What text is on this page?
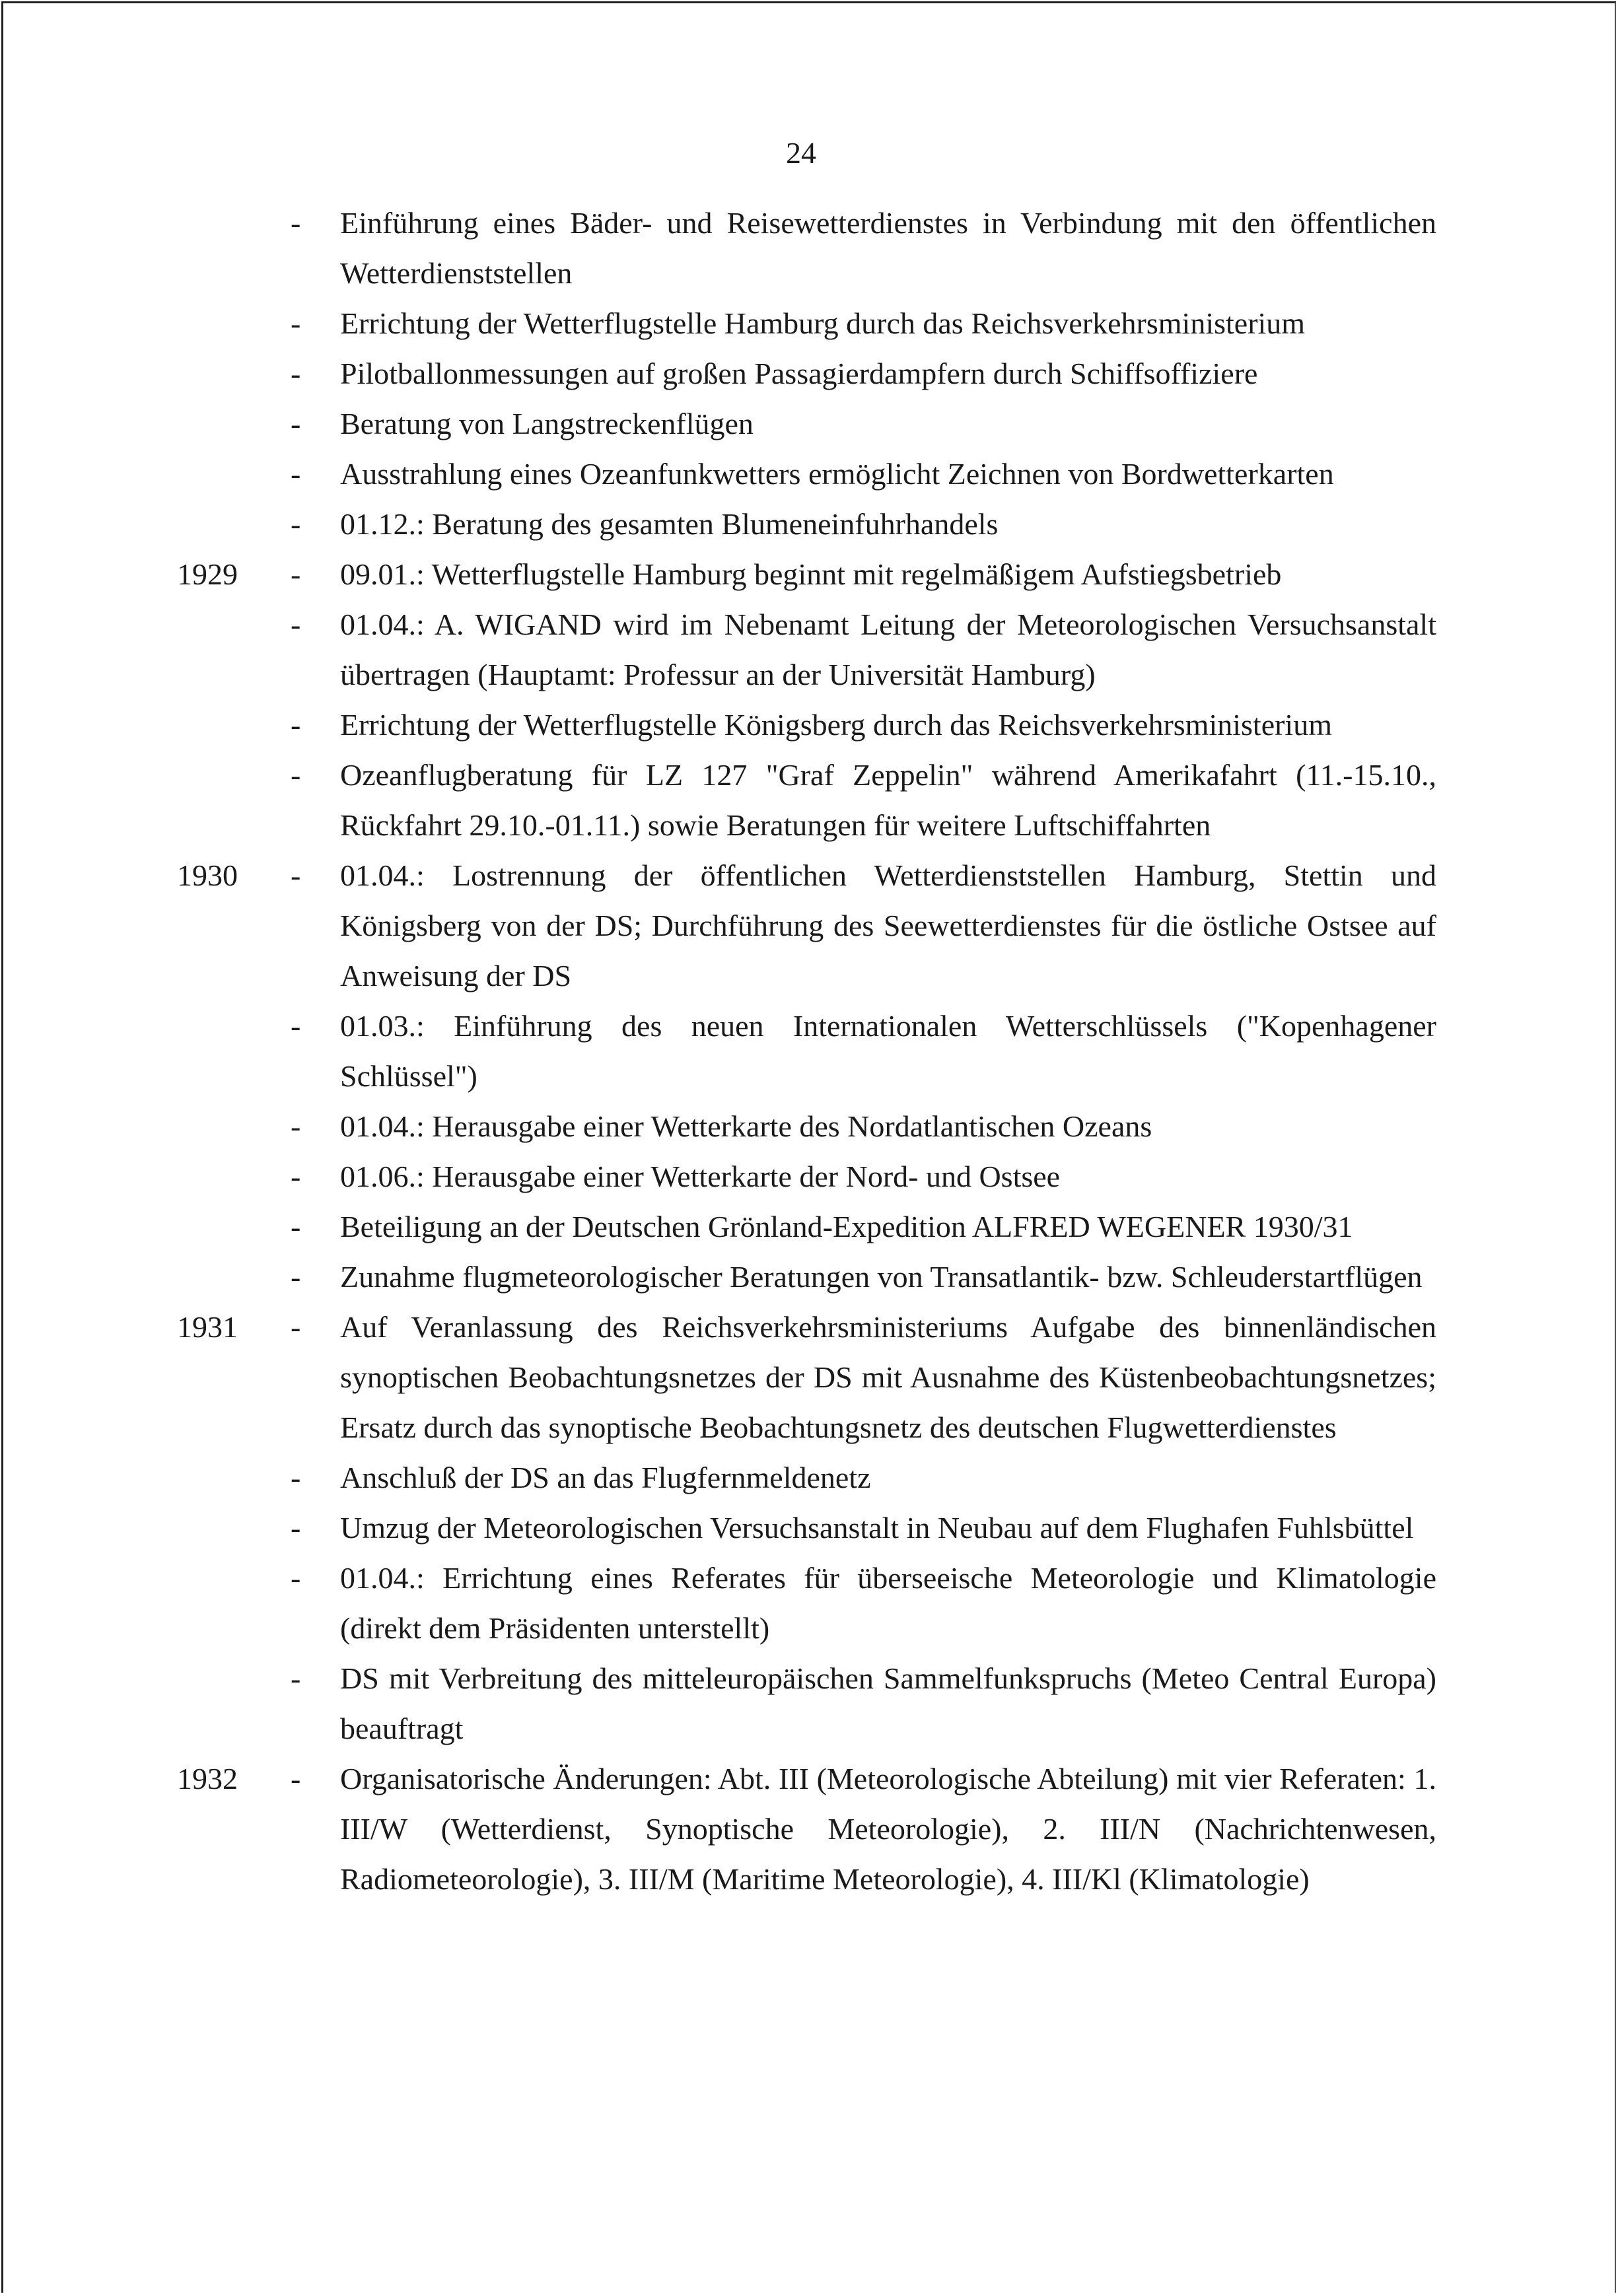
24
- Einführung eines Bäder- und Reisewetterdienstes in Verbindung mit den öffentlichen Wetterdienststellen
- Errichtung der Wetterflugstelle Hamburg durch das Reichsverkehrsministerium
- Pilotballonmessungen auf großen Passagierdampfern durch Schiffsoffiziere
- Beratung von Langstreckenflügen
- Ausstrahlung eines Ozeanfunkwetters ermöglicht Zeichnen von Bordwetterkarten
- 01.12.: Beratung des gesamten Blumeneinfuhrhandels
1929	- 09.01.: Wetterflugstelle Hamburg beginnt mit regelmäßigem Aufstiegsbetrieb
- 01.04.: A. WIGAND wird im Nebenamt Leitung der Meteorologischen Versuchsanstalt übertragen (Hauptamt: Professur an der Universität Hamburg)
- Errichtung der Wetterflugstelle Königsberg durch das Reichsverkehrsministerium
- Ozeanflugberatung für LZ 127 "Graf Zeppelin" während Amerikafahrt (11.-15.10., Rückfahrt 29.10.-01.11.) sowie Beratungen für weitere Luftschiffahrten
1930	- 01.04.: Lostrennung der öffentlichen Wetterdienststellen Hamburg, Stettin und Königsberg von der DS; Durchführung des Seewetterdienstes für die östliche Ostsee auf Anweisung der DS
- 01.03.: Einführung des neuen Internationalen Wetterschlüssels ("Kopenhagener Schlüssel")
- 01.04.: Herausgabe einer Wetterkarte des Nordatlantischen Ozeans
- 01.06.: Herausgabe einer Wetterkarte der Nord- und Ostsee
- Beteiligung an der Deutschen Grönland-Expedition ALFRED WEGENER 1930/31
- Zunahme flugmeteorologischer Beratungen von Transatlantik- bzw. Schleuderstartflügen
1931	- Auf Veranlassung des Reichsverkehrsministeriums Aufgabe des binnenländischen synoptischen Beobachtungsnetzes der DS mit Ausnahme des Küstenbeobachtungsnetzes; Ersatz durch das synoptische Beobachtungsnetz des deutschen Flugwetterdienstes
- Anschluß der DS an das Flugfernmeldenetz
- Umzug der Meteorologischen Versuchsanstalt in Neubau auf dem Flughafen Fuhlsbüttel
- 01.04.: Errichtung eines Referates für überseeische Meteorologie und Klimatologie (direkt dem Präsidenten unterstellt)
- DS mit Verbreitung des mitteleuropäischen Sammelfunkspruchs (Meteo Central Europa) beauftragt
1932	- Organisatorische Änderungen: Abt. III (Meteorologische Abteilung) mit vier Referaten: 1. III/W (Wetterdienst, Synoptische Meteorologie), 2. III/N (Nachrichtenwesen, Radiometeorologie), 3. III/M (Maritime Meteorologie), 4. III/Kl (Klimatologie)
